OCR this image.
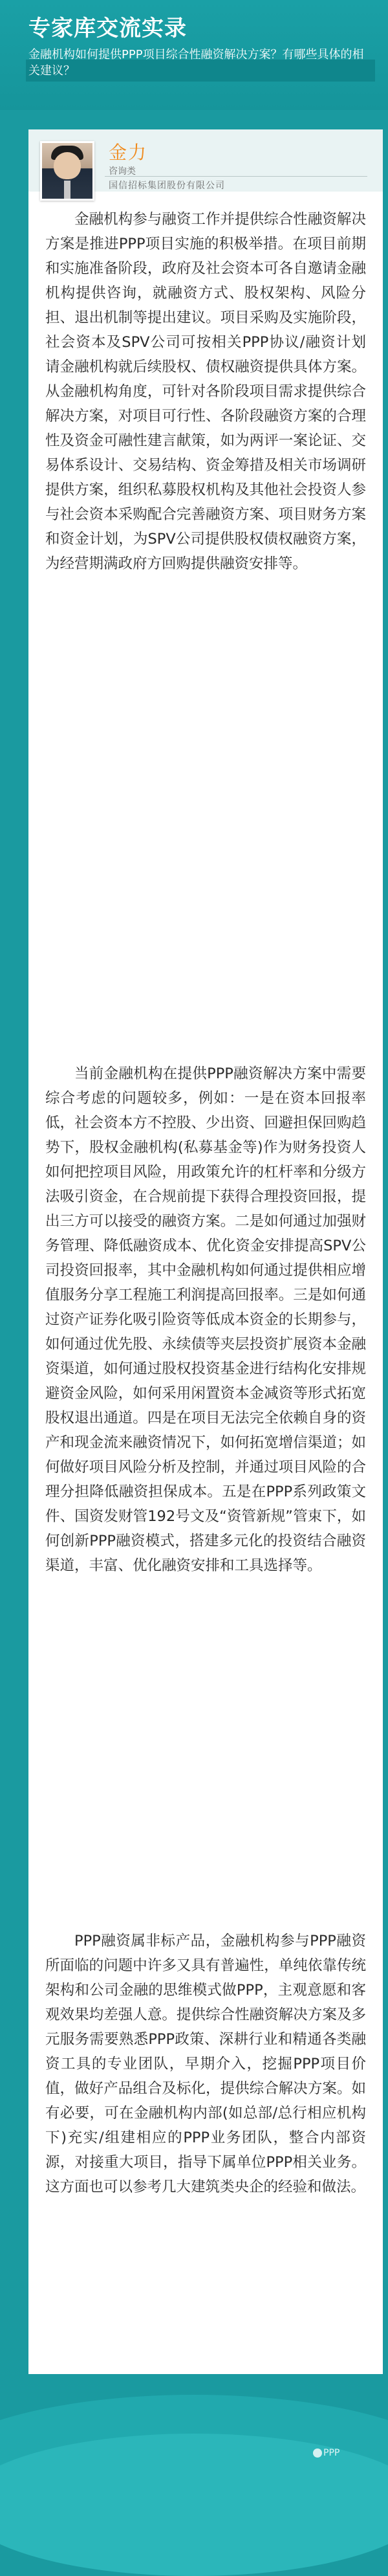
专家库交流实录
金融机构如何提供PPP项目综合性融资解决方案？有哪些具体的相关建议？
金力
咨询类
国信招标集团股份有限公司

金融机构参与融资工作并提供综合性融资解决方案是推进PPP项目实施的积极举措。在项目前期和实施准备阶段，政府及社会资本可各自邀请金融机构提供咨询，就融资方式、股权架构、风险分担、退出机制等提出建议。项目采购及实施阶段，社会资本及SPV公司可按相关PPP协议/融资计划请金融机构就后续股权、债权融资提供具体方案。从金融机构角度，可针对各阶段项目需求提供综合解决方案，对项目可行性、各阶段融资方案的合理性及资金可融性建言献策，如为两评一案论证、交易体系设计、交易结构、资金筹措及相关市场调研提供方案，组织私募股权机构及其他社会投资人参与社会资本采购配合完善融资方案、项目财务方案和资金计划，为SPV公司提供股权债权融资方案，为经营期满政府方回购提供融资安排等。

当前金融机构在提供PPP融资解决方案中需要综合考虑的问题较多，例如：一是在资本回报率低，社会资本方不控股、少出资、回避担保回购趋势下，股权金融机构(私募基金等)作为财务投资人如何把控项目风险，用政策允许的杠杆率和分级方法吸引资金，在合规前提下获得合理投资回报，提出三方可以接受的融资方案。二是如何通过加强财务管理、降低融资成本、优化资金安排提高SPV公司投资回报率，其中金融机构如何通过提供相应增值服务分享工程施工利润提高回报率。三是如何通过资产证券化吸引险资等低成本资金的长期参与，如何通过优先股、永续债等夹层投资扩展资本金融资渠道，如何通过股权投资基金进行结构化安排规避资金风险，如何采用闲置资本金减资等形式拓宽股权退出通道。四是在项目无法完全依赖自身的资产和现金流来融资情况下，如何拓宽增信渠道；如何做好项目风险分析及控制，并通过项目风险的合理分担降低融资担保成本。五是在PPP系列政策文件、国资发财管192号文及“资管新规”管束下，如何创新PPP融资模式，搭建多元化的投资结合融资渠道，丰富、优化融资安排和工具选择等。

PPP融资属非标产品，金融机构参与PPP融资所面临的问题中许多又具有普遍性，单纯依靠传统架构和公司金融的思维模式做PPP，主观意愿和客观效果均差强人意。提供综合性融资解决方案及多元服务需要熟悉PPP政策、深耕行业和精通各类融资工具的专业团队，早期介入，挖掘PPP项目价值，做好产品组合及标化，提供综合解决方案。如有必要，可在金融机构内部(如总部/总行相应机构下)充实/组建相应的PPP业务团队，整合内部资源，对接重大项目，指导下属单位PPP相关业务。这方面也可以参考几大建筑类央企的经验和做法。

PPP
